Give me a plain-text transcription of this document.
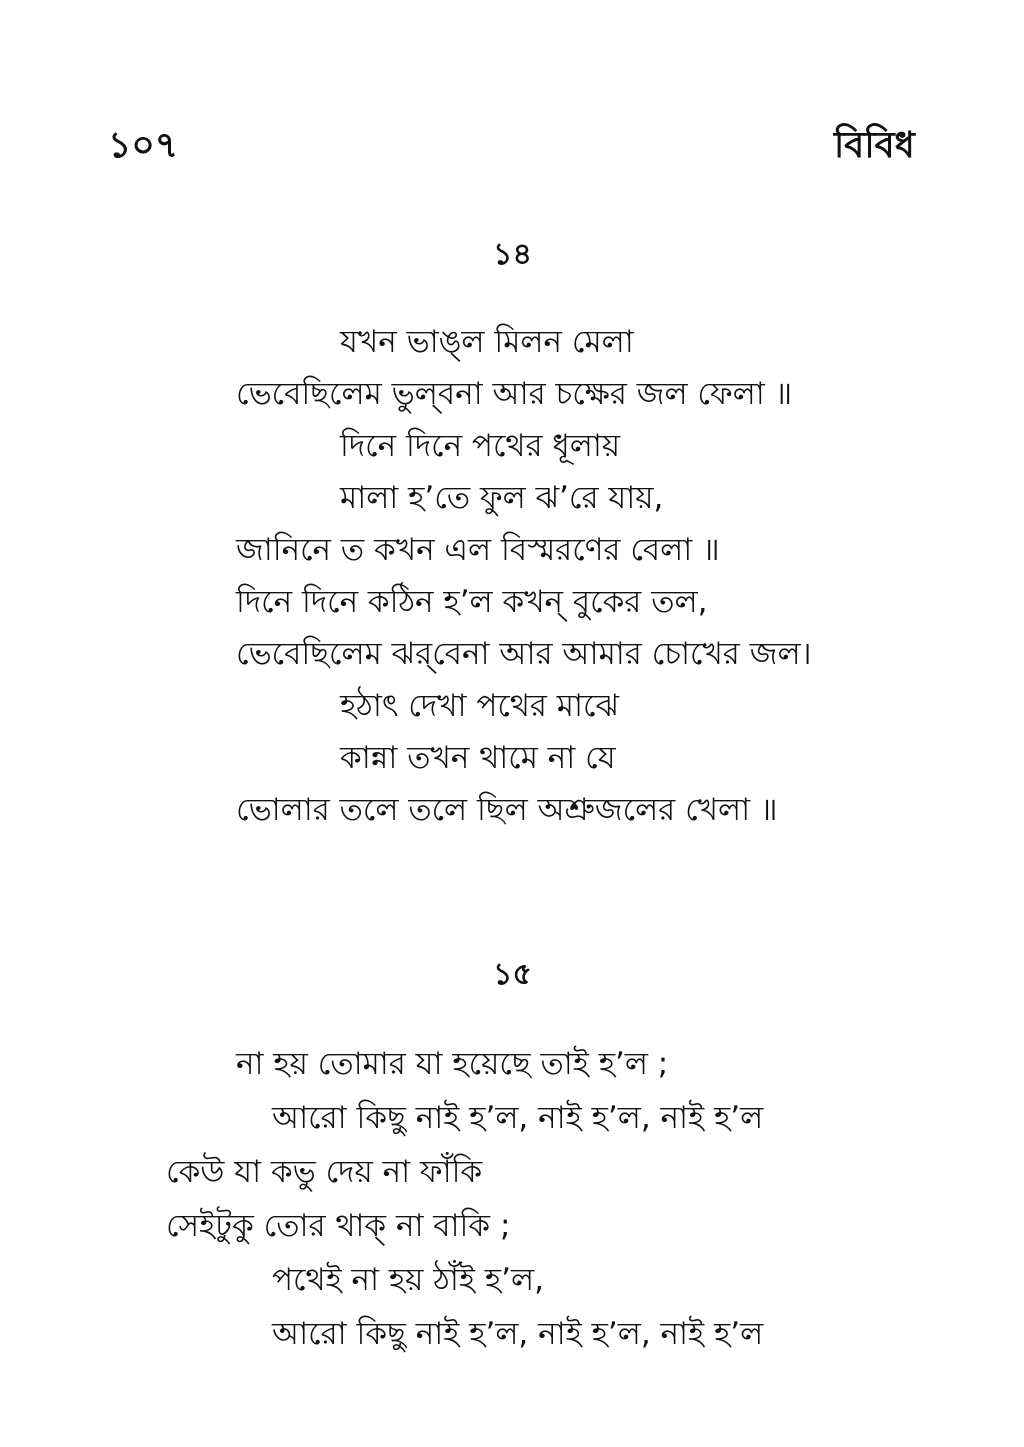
১০৭	বিবিধ
১৪
যখন ভাঙ্‌ল মিলন মেলা
ভেবেছিলেম ভুল্‌বনা আর চক্ষের জল ফেলা ॥
দিনে দিনে পথের ধূলায়
মালা হ’তে ফুল ঝ’রে যায়,
জানিনে ত কখন এল বিস্মরণের বেলা ॥
দিনে দিনে কঠিন হ’ল কখন্‌ বুকের তল,
ভেবেছিলেম ঝর্‌বেনা আর আমার চোখের জল।
হঠাৎ দেখা পথের মাঝে
কান্না তখন থামে না যে
ভোলার তলে তলে ছিল অশ্রুজলের খেলা ॥
১৫
না হয় তোমার যা হয়েছে তাই হ’ল ;
আরো কিছু নাই হ’ল, নাই হ’ল, নাই হ’ল
কেউ যা কভু দেয় না ফাঁকি
সেইটুকু তোর থাক্‌ না বাকি ;
পথেই না হয় ঠাঁই হ’ল,
আরো কিছু নাই হ’ল, নাই হ’ল, নাই হ’ল
